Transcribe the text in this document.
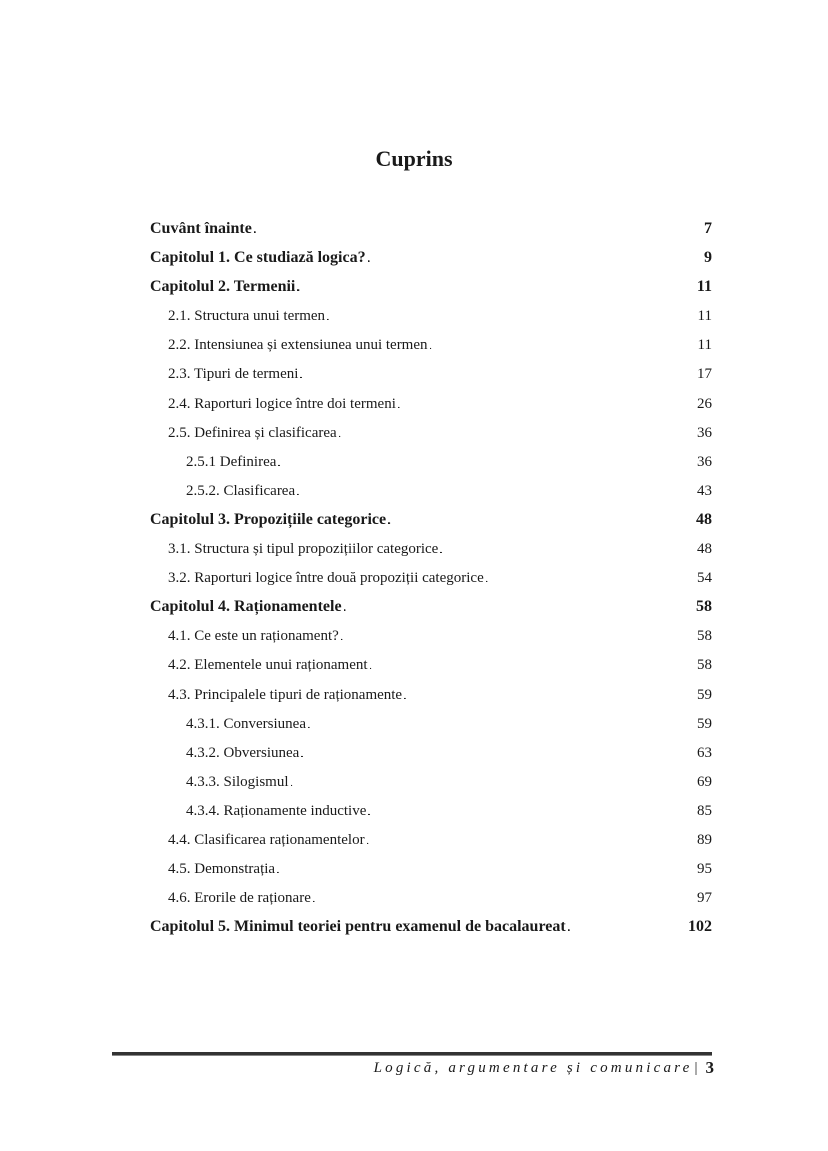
Cuprins
Cuvânt înainte . . .	7
Capitolul 1. Ce studiază logica? . . .	9
Capitolul 2. Termenii . . .	11
2.1. Structura unui termen . . .	11
2.2. Intensiunea și extensiunea unui termen . . .	11
2.3. Tipuri de termeni . . .	17
2.4. Raporturi logice între doi termeni . . .	26
2.5. Definirea și clasificarea . . .	36
2.5.1 Definirea . . .	36
2.5.2. Clasificarea . . .	43
Capitolul 3. Propozițiile categorice . . .	48
3.1. Structura și tipul propozițiilor categorice . . .	48
3.2. Raporturi logice între două propoziții categorice . . .	54
Capitolul 4. Raționamentele . . .	58
4.1. Ce este un raționament? . . .	58
4.2. Elementele unui raționament . . .	58
4.3. Principalele tipuri de raționamente . . .	59
4.3.1. Conversiunea . . .	59
4.3.2. Obversiunea . . .	63
4.3.3. Silogismul . . .	69
4.3.4. Raționamente inductive . . .	85
4.4. Clasificarea raționamentelor . . .	89
4.5. Demonstrația . . .	95
4.6. Erorile de raționare . . .	97
Capitolul 5. Minimul teoriei pentru examenul de bacalaureat . . .	102
Logică, argumentare și comunicare | 3
